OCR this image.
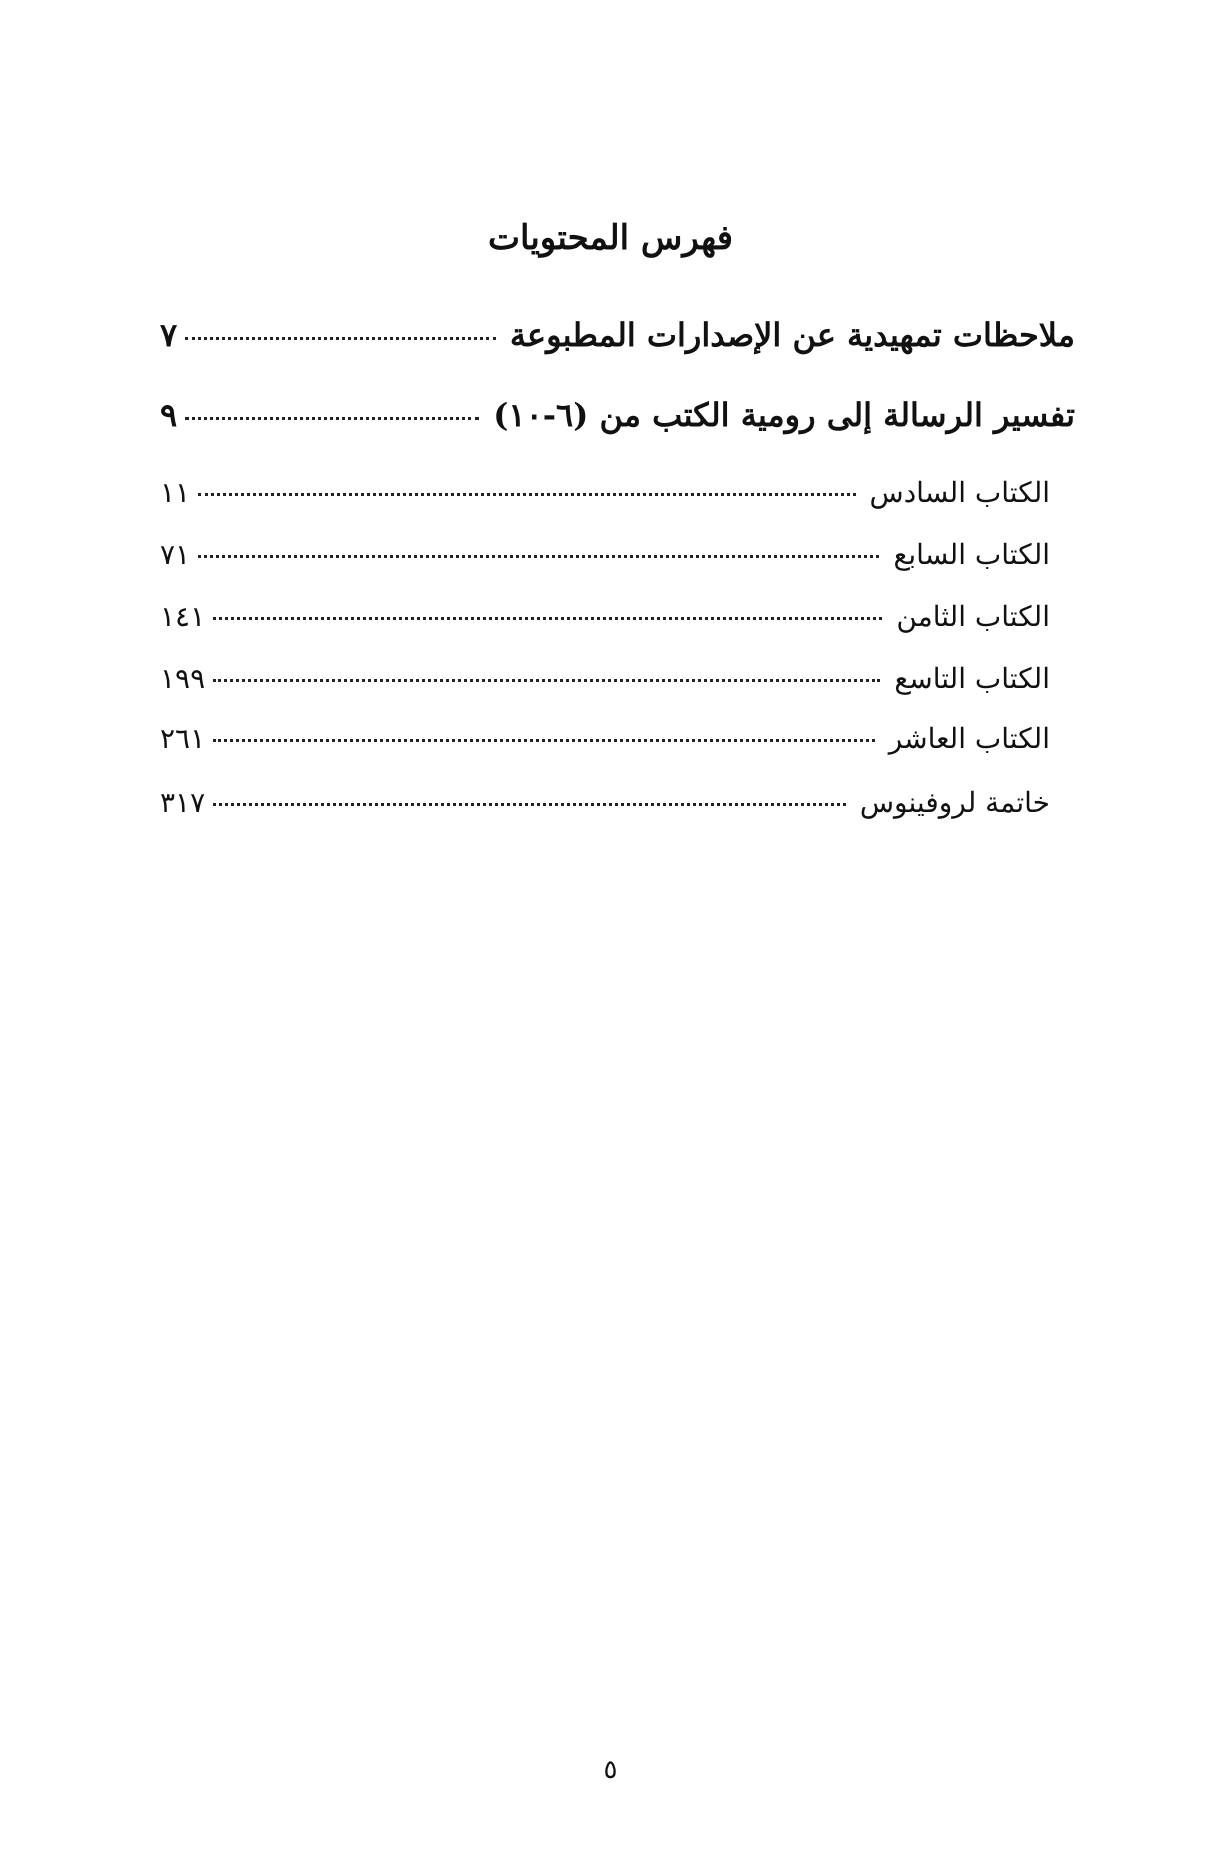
فهرس المحتويات
ملاحظات تمهيدية عن الإصدارات المطبوعة
٧
تفسير الرسالة إلى رومية الكتب من (٦-١٠)
٩
الكتاب السادس
١١
الكتاب السابع
٧١
الكتاب الثامن
١٤١
الكتاب التاسع
١٩٩
الكتاب العاشر
٢٦١
خاتمة لروفينوس
٣١٧
٥
